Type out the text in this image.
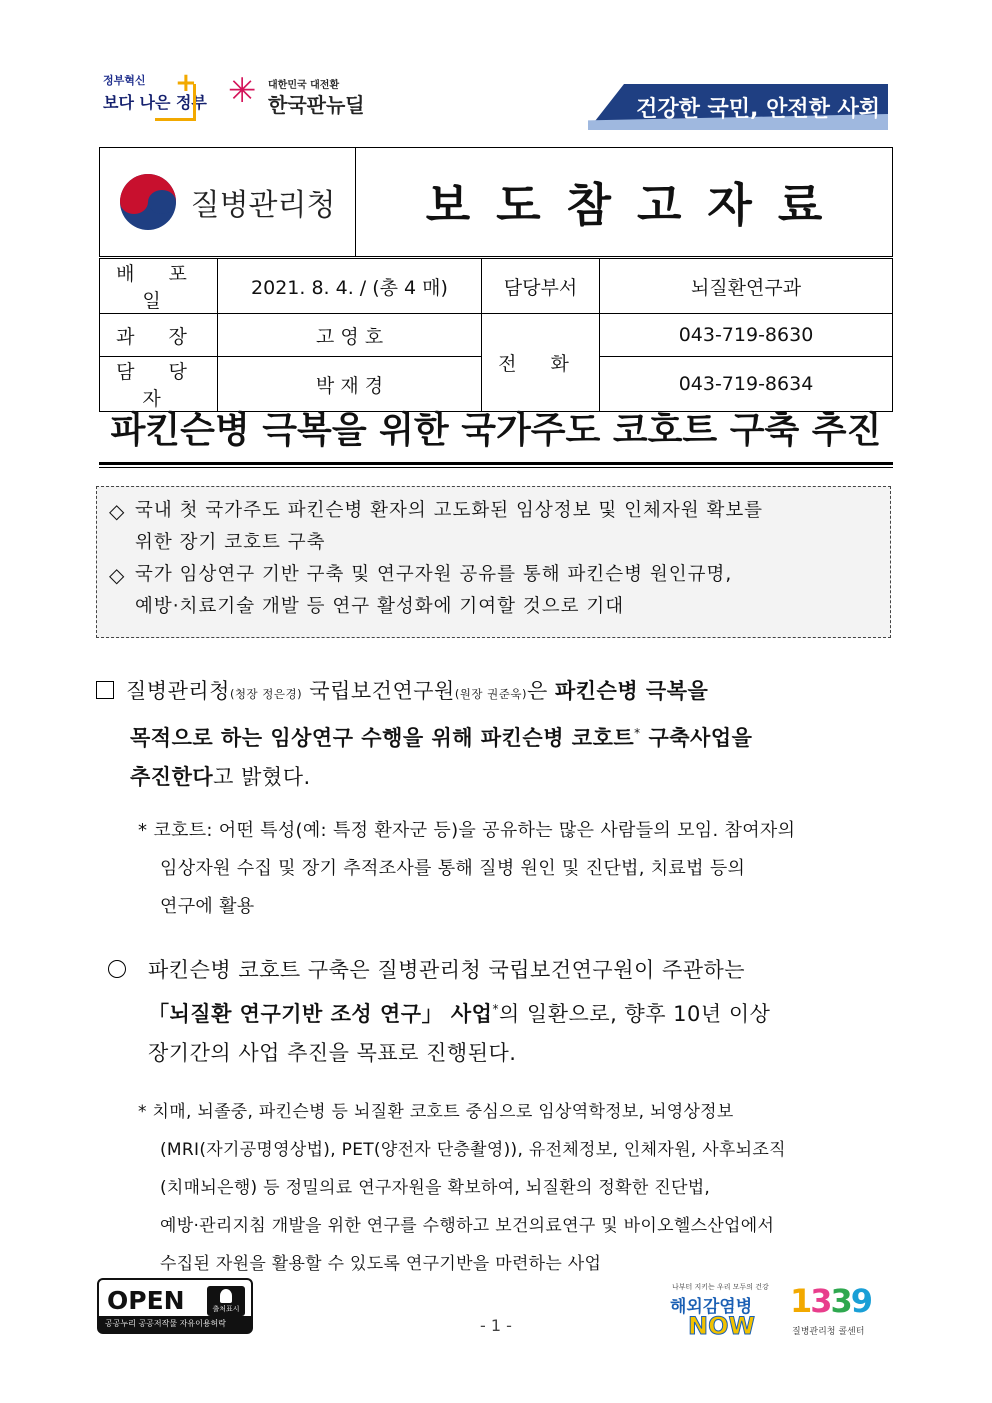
정부혁신
보다 나은 정부
+ ✳ 대한민국 대전환
한국판뉴딜	건강한 국민, 안전한 사회
질병관리청	보도참고자료
배 포 일	2021. 8. 4. / (총 4 매)	담당부서	뇌질환연구과
과 장	고 영 호	전 화	043-719-8630
담 당 자	박 재 경		043-719-8634
파킨슨병 극복을 위한 국가주도 코호트 구축 추진
◇ 국내 첫 국가주도 파킨슨병 환자의 고도화된 임상정보 및 인체자원 확보를
위한 장기 코호트 구축
◇ 국가 임상연구 기반 구축 및 연구자원 공유를 통해 파킨슨병 원인규명,
예방·치료기술 개발 등 연구 활성화에 기여할 것으로 기대
질병관리청(청장 정은경) 국립보건연구원(원장 권준욱)은 파킨슨병 극복을
목적으로 하는 임상연구 수행을 위해 파킨슨병 코호트* 구축사업을
추진한다고 밝혔다.
* 코호트: 어떤 특성(예: 특정 환자군 등)을 공유하는 많은 사람들의 모임. 참여자의
임상자원 수집 및 장기 추적조사를 통해 질병 원인 및 진단법, 치료법 등의
연구에 활용
파킨슨병 코호트 구축은 질병관리청 국립보건연구원이 주관하는
「뇌질환 연구기반 조성 연구」 사업*의 일환으로, 향후 10년 이상
장기간의 사업 추진을 목표로 진행된다.
* 치매, 뇌졸중, 파킨슨병 등 뇌질환 코호트 중심으로 임상역학정보, 뇌영상정보
(MRI(자기공명영상법), PET(양전자 단층촬영)), 유전체정보, 인체자원, 사후뇌조직
(치매뇌은행) 등 정밀의료 연구자원을 확보하여, 뇌질환의 정확한 진단법,
예방·관리지침 개발을 위한 연구를 수행하고 보건의료연구 및 바이오헬스산업에서
수집된 자원을 활용할 수 있도록 연구기반을 마련하는 사업
OPEN	출처표시
공공누리 공공저작물 자유이용허락	- 1 -
나부터 지키는 우리 모두의 건강
해외감염병
NOW
1339
질병관리청 콜센터
